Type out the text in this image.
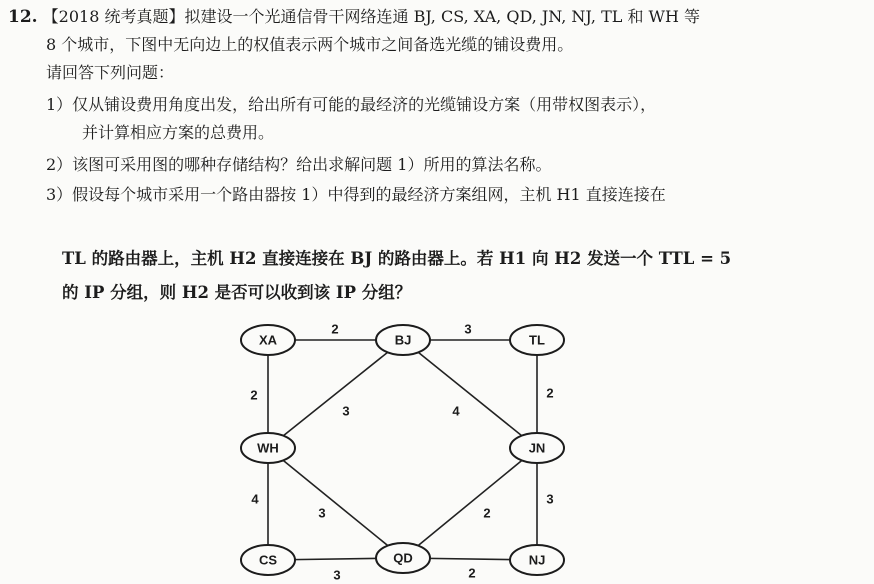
12. 【2018 统考真题】拟建设一个光通信骨干网络连通 BJ, CS, XA, QD, JN, NJ, TL 和 WH 等
8 个城市，下图中无向边上的权值表示两个城市之间备选光缆的铺设费用。
请回答下列问题：
1）仅从铺设费用角度出发，给出所有可能的最经济的光缆铺设方案（用带权图表示），
并计算相应方案的总费用。
2）该图可采用图的哪种存储结构？给出求解问题 1）所用的算法名称。
3）假设每个城市采用一个路由器按 1）中得到的最经济方案组网，主机 H1 直接连接在
TL 的路由器上，主机 H2 直接连接在 BJ 的路由器上。若 H1 向 H2 发送一个 TTL = 5
的 IP 分组，则 H2 是否可以收到该 IP 分组？
2	3
2	2
3	4
4
3	2
3
3	2
XA	BJ	TL
WH	JN
CS	QD	NJ
